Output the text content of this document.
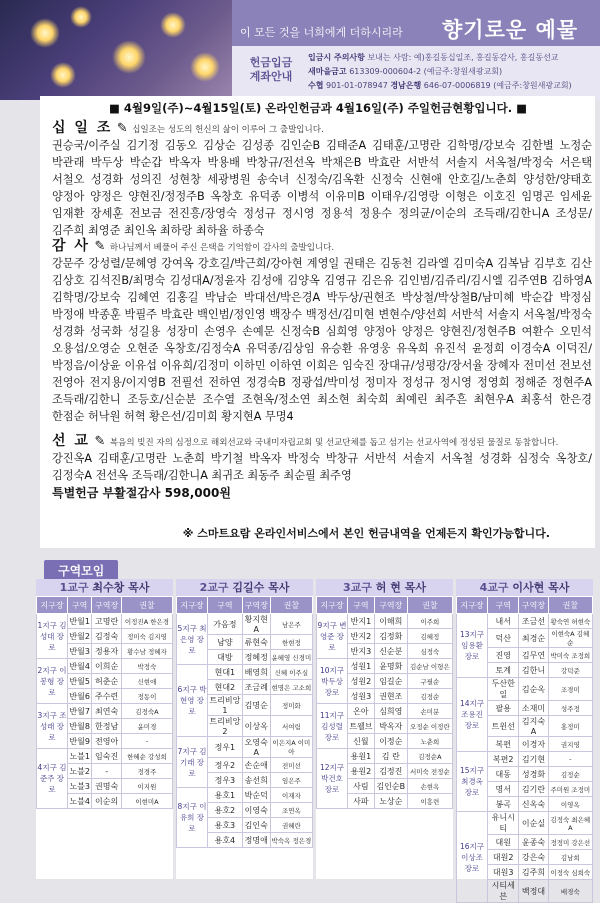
이 모든 것을 너희에게 더하시리라 향기로운 예물
헌금입금
계좌안내
입금시 주의사항 보내는 사람: 예)홍길동십일조, 홍길동감사, 홍길동선교
새마을금고 613309-000604-2 (예금주:창원새광교회)
수협 901-01-078947 경남은행 646-07-0006819 (예금주:창원새광교회)
■ 4월9일(주)~4월15일(토) 온라인헌금과 4월16일(주) 주일헌금현황입니다. ■
십 일 조 ✎ 십일조는 성도의 헌신의 삶이 이루어 그 출발입니다.
권승국/이주실 김기정 김동오 김상순 김성종 김인순B 김태준A 김태훈/고명란 김학명/강보숙 김한별 노정순 박관래 박두상 박순갑 박옥자 박용배 박창규/전선옥 박채은B 박효란 서반석 서솔지 서옥철/박정숙 서은택 서철오 성경화 성의진 성현창 세광병원 송숙녀 신정숙/김옥환 신정숙 신현애 안호길/노춘희 양성한/양태호 양정아 양정은 양현진/정정주B 옥창호 유덕종 이병석 이유미B 이태우/김영랑 이형은 이호진 임명곤 임세윤 임재환 장세훈 전보금 전진흥/장영숙 정성규 정시영 정용석 정용수 정의균/이순의 조득래/김한니A 조성문/김주희 최영준 최인옥 최하랑 최하율 하종숙
감 사 ✎ 하나님께서 베풀어 주신 은택을 기억함이 감사의 출발입니다.
강문주 강성렬/문혜영 강여옥 강호길/박근희/강아현 계영일 권태은 김동천 김라엘 김미숙A 김복남 김부호 김산 김상호 김석진B/최명숙 김성대A/정윤자 김성애 김양옥 김영규 김은유 김인범/김쥬리/김시엘 김주연B 김하영A 김학명/강보숙 김혜연 김홍길 박남순 박대선/박은경A 박두상/권현조 박상철/박상철B/남미혜 박순갑 박정심 박정애 박종훈 박필주 박효란 백인범/정인영 백장수 백정선/김미현 변현수/양선희 서반석 서솔지 서옥철/박정숙 성경화 성국화 성길용 성장미 손영우 손예문 신정숙B 심희영 양정아 양정은 양현진/정현주B 여환수 오민석 오용섭/오영순 오현준 옥창호/김정숙A 유덕종/김상임 유승환 유영웅 유옥희 유진석 윤정희 이경숙A 이덕진/박정음/이상윤 이유섭 이유희/김정미 이하민 이하연 이희은 임숙진 장대규/성평강/장서율 장혜자 전미선 전보선 전영아 전지용/이지영B 전필선 전하연 정경숙B 정광섭/박미성 정미자 정성규 정시영 정영희 정해준 정현주A 조득래/김한니 조등호/신순분 조수열 조현옥/정소연 최소현 최숙희 최예린 최주흔 최현우A 최홍석 한은경 한점순 허낙원 허혁 황은선/김미희 황지현A 무명4
선 교 ✎ 복음의 빚진 자의 심정으로 해외선교와 국내미자립교회 및 선교단체를 돕고 섬기는 선교사역에 정성된 물질로 동참합니다.
강진옥A 김태훈/고명란 노춘희 박기철 박옥자 박정숙 박창규 서반석 서솔지 서옥철 성경화 심정숙 옥창호/김정숙A 전선옥 조득래/김한니A 최귀조 최동주 최순필 최주영
특별헌금 부활절감사 598,000원
※ 스마트요람 온라인서비스에서 본인 헌금내역을 언제든지 확인가능합니다.
구역모임
1교구 최수창 목사
지구장	구역	구역장	권찰
1지구 김성대 장로	반월1	고명란	이정진A 한은경
	반월2	김정숙	정미숙 김지영
	반월3	정용자	황수남 정혜자
2지구 이봉형 장로	반월4	이희순	박정숙
	반월5	허춘순	신현애
	반월6	주수련	정동이
3지구 조성래 장로	반월7	최연숙	김정숙A
	반월8	한정남	윤미경
	반월9	전영아	-
4지구 김준주 장로	노블1	임숙진	한혜순 강성희
	노블2	-	정경주
	노블3	권명숙	이지원
	노블4	이순의	이현미A
2교구 김길수 목사
지구장	구역	구역장	권찰
5지구 최은영 장로	가음정	황지현A	남은주
	남양	류현숙	한현정
	대방	정혜정	윤혜영 신경미
6지구 박현영 장로	현대1	배영희	신혜 이주실
	현대2	조금례	현명은 고소희
	트리비앙1	김명순	정미화
	트리비앙2	이상옥	서여림
7지구 김기래 장로	정우1	오영숙A	이은지A 이미아
	정우2	손순애	전미선
	정우3	송선희	임은주
8지구 이유희 장로	용호1	박순덕	이재자
	용호2	이영숙	조연옥
	용호3	김인숙	권혜란
	용호4	정명애	박숙옥 정은경
3교구 허 현 목사
지구장	구역	구역장	권찰
9지구 변영준 장로	반지1	이해희	이주희
	반지2	김정화	김혜정
	반지3	신순분	심정숙
10지구 박두상 장로	성원1	윤명화	김순남 이형은
	성원2	임길순	구필순
	성원3	권현조	김정순
11지구 김성렬 장로	온아	심희영	손미분
	트웰브	박옥자	오정순 이정란
	신월	이정순	노춘희
12지구 박건호 장로	용원1	김 란	김정순A
	용원2	김정진	서미숙 전정순
	사림	김인순B	손현옥
	사파	노상순	이흥련
4교구 이사현 목사
지구장	구역	구역장	권찰
13지구 임용환 장로	내서	조금선	황숙연 허현숙
	덕산	최경순	이현숙A 김혜순
	진영	김무연	박미숙 조정희
	토계	김한니	강덕준
14지구 조용진 장로	두산한일	김순옥	조경미
	팔용	소재미	성주정
	트윈선	김지숙A	홍정미
	복편	이경자	권지영
15지구 최경옥 장로	복편2	김기현	-
	대동	성경화	김정순
	명서	김기란	주미원 조정미
	봉곡	신옥숙	이영옥
16지구 이상조 장로	유니시티	이순실	김정숙 최은혜A
	대원	윤종숙	정정미 강은선
	대원2	강은숙	김남희
	대원3	김주희	이정숙 심희숙
	시티세븐	백정대	배경숙
